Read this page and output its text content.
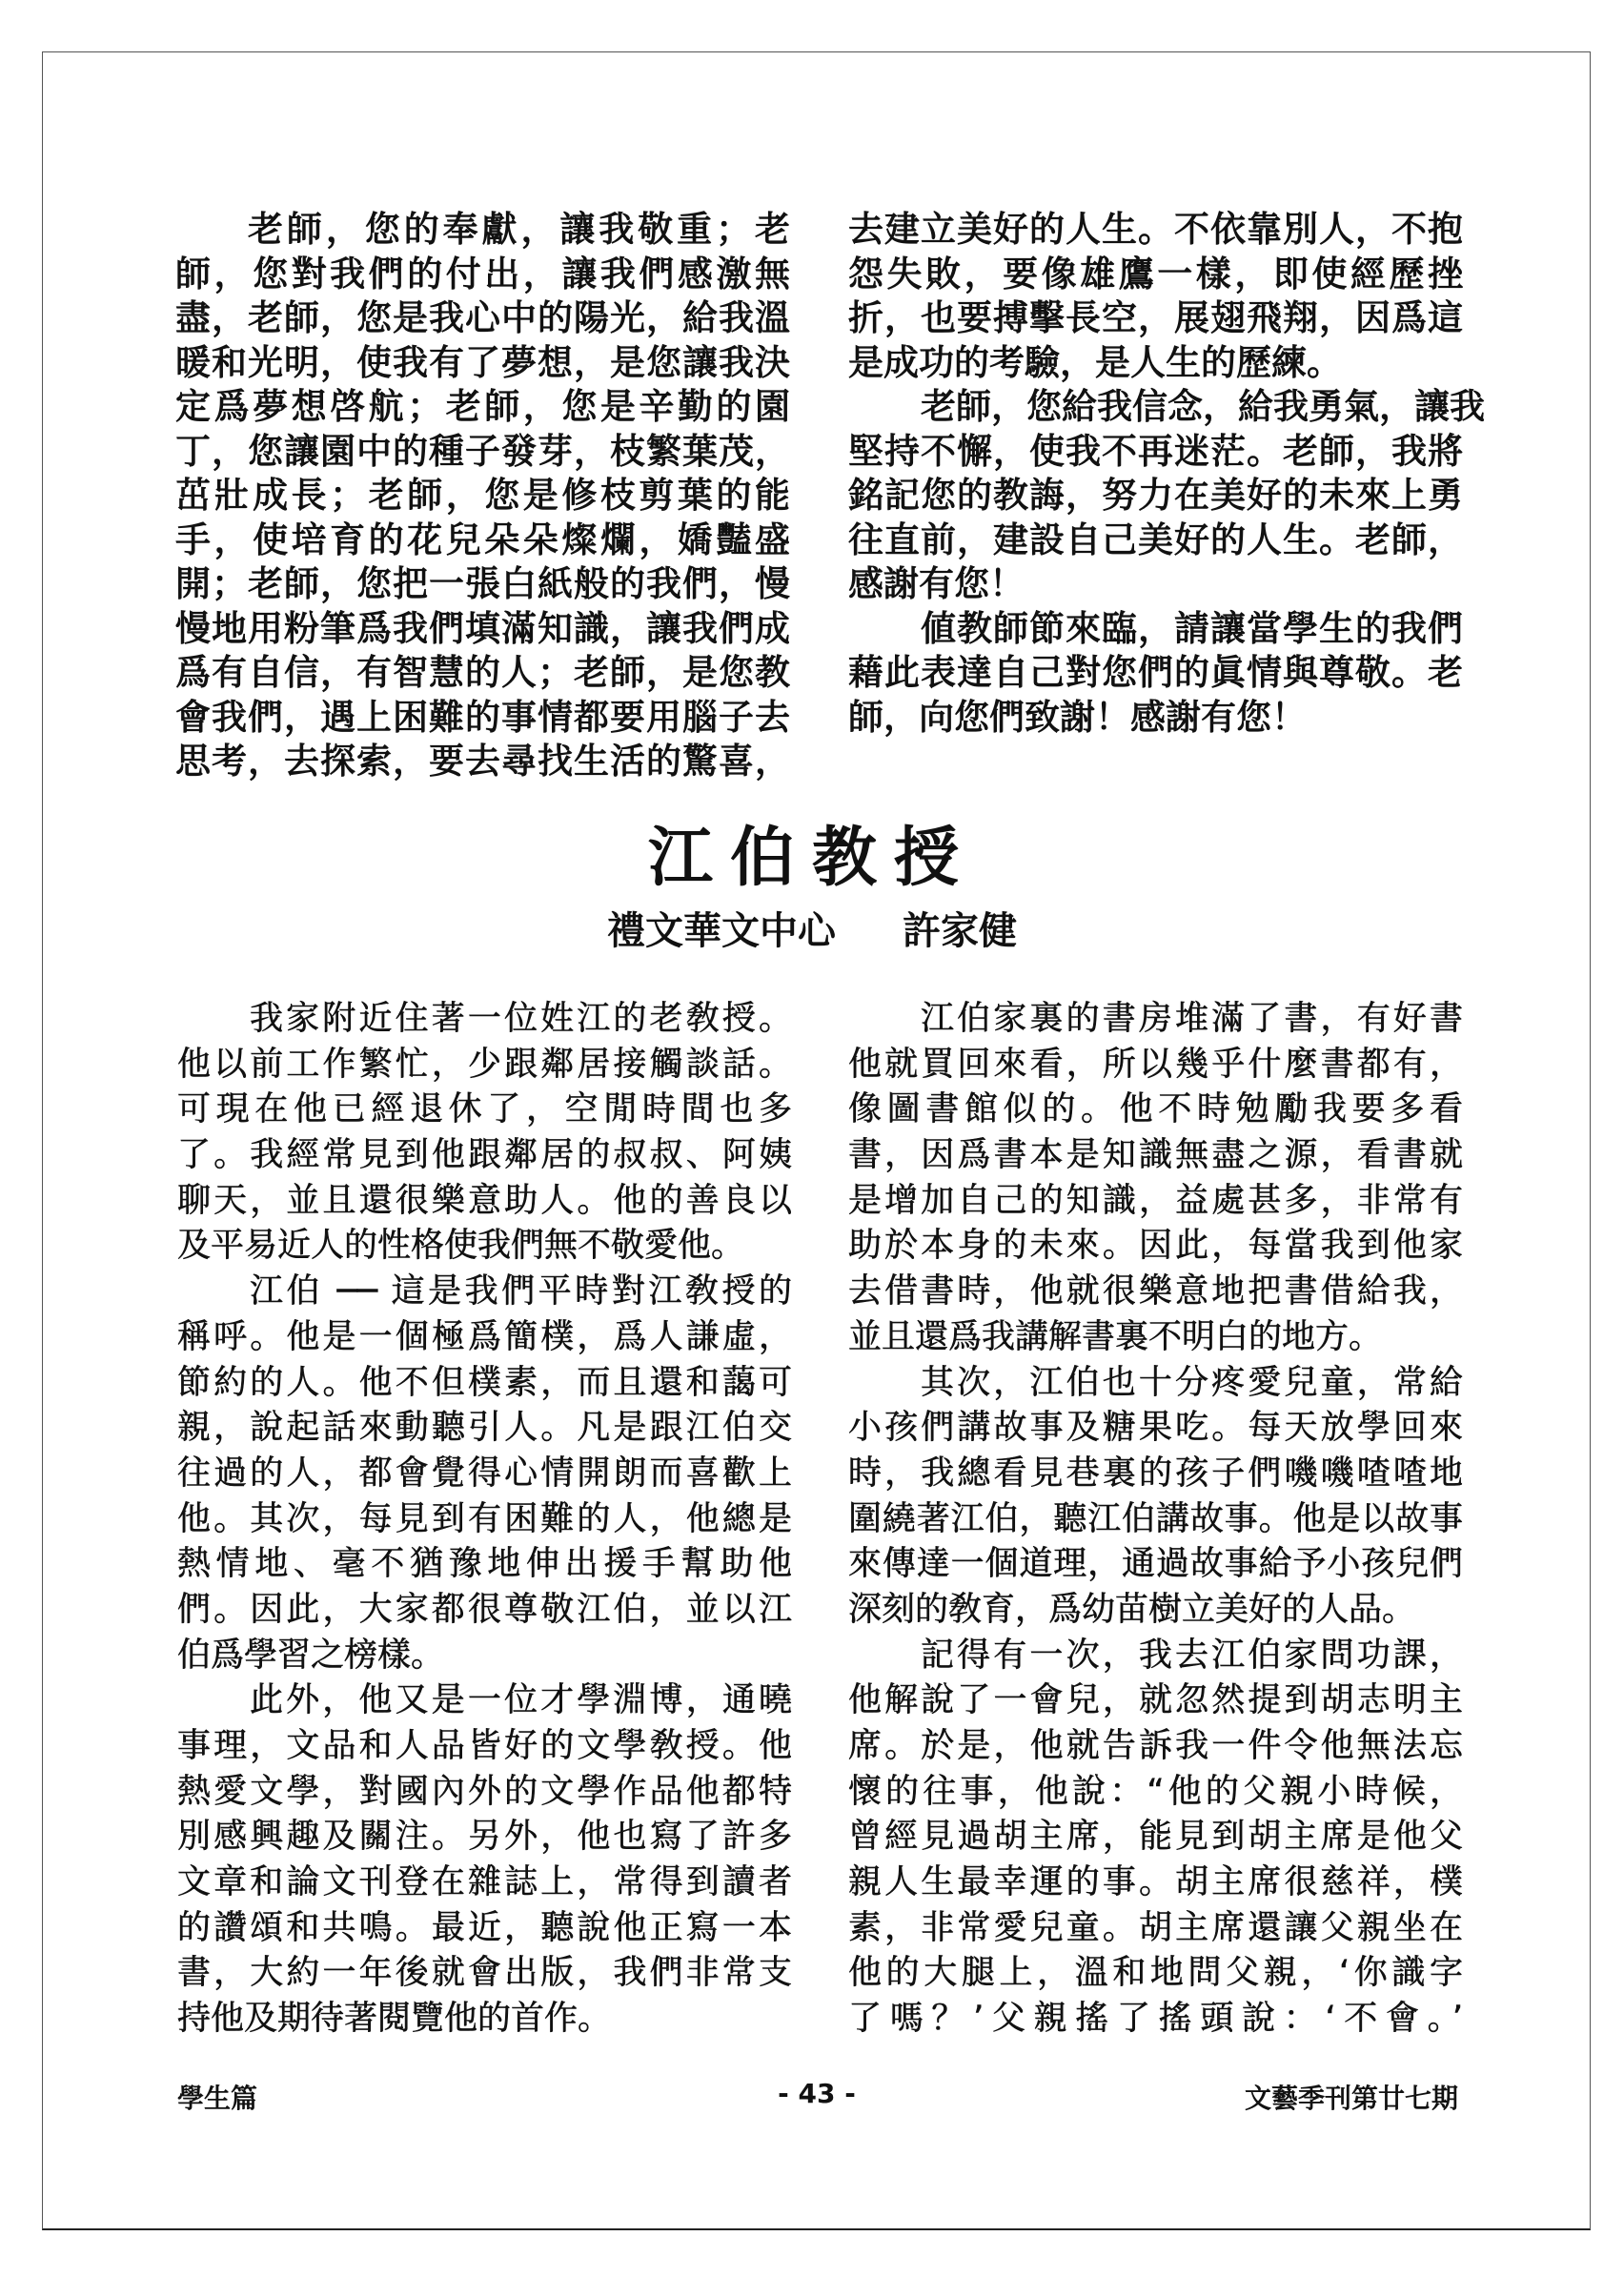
老師，您的奉獻，讓我敬重；老
師，您對我們的付出，讓我們感激無
盡，老師，您是我心中的陽光，給我溫
暖和光明，使我有了夢想，是您讓我決
定爲夢想啓航；老師，您是辛勤的園
丁，您讓園中的種子發芽，枝繁葉茂，
茁壯成長；老師，您是修枝剪葉的能
手，使培育的花兒朵朵燦爛，嬌豔盛
開；老師，您把一張白紙般的我們，慢
慢地用粉筆爲我們填滿知識，讓我們成
爲有自信，有智慧的人；老師，是您教
會我們，遇上困難的事情都要用腦子去
思考，去探索，要去尋找生活的驚喜，
去建立美好的人生。不依靠別人，不抱
怨失敗，要像雄鷹一樣，即使經歷挫
折，也要搏擊長空，展翅飛翔，因爲這
是成功的考驗，是人生的歷練。
老師，您給我信念，給我勇氣，讓我
堅持不懈，使我不再迷茫。老師，我將
銘記您的教誨，努力在美好的未來上勇
往直前，建設自己美好的人生。老師，
感謝有您！
値教師節來臨，請讓當學生的我們
藉此表達自己對您們的眞情與尊敬。老
師，向您們致謝！感謝有您！
江伯教授
禮文華文中心 許家健
我家附近住著一位姓江的老敎授。
他以前工作繁忙，少跟鄰居接觸談話。
可現在他已經退休了，空閒時間也多
了。我經常見到他跟鄰居的叔叔、阿姨
聊天，並且還很樂意助人。他的善良以
及平易近人的性格使我們無不敬愛他。
江伯 ── 這是我們平時對江敎授的
稱呼。他是一個極爲簡樸，爲人謙虛，
節約的人。他不但樸素，而且還和藹可
親，說起話來動聽引人。凡是跟江伯交
往過的人，都會覺得心情開朗而喜歡上
他。其次，每見到有困難的人，他總是
熱情地、毫不猶豫地伸出援手幫助他
們。因此，大家都很尊敬江伯，並以江
伯爲學習之榜樣。
此外，他又是一位才學淵博，通曉
事理，文品和人品皆好的文學敎授。他
熱愛文學，對國內外的文學作品他都特
別感興趣及關注。另外，他也寫了許多
文章和論文刊登在雜誌上，常得到讀者
的讚頌和共鳴。最近，聽說他正寫一本
書，大約一年後就會出版，我們非常支
持他及期待著閱覽他的首作。
江伯家裏的書房堆滿了書，有好書
他就買回來看，所以幾乎什麼書都有，
像圖書館似的。他不時勉勵我要多看
書，因爲書本是知識無盡之源，看書就
是增加自己的知識，益處甚多，非常有
助於本身的未來。因此，每當我到他家
去借書時，他就很樂意地把書借給我，
並且還爲我講解書裏不明白的地方。
其次，江伯也十分疼愛兒童，常給
小孩們講故事及糖果吃。每天放學回來
時，我總看見巷裏的孩子們嘰嘰喳喳地
圍繞著江伯，聽江伯講故事。他是以故事
來傳達一個道理，通過故事給予小孩兒們
深刻的敎育，爲幼苗樹立美好的人品。
記得有一次，我去江伯家問功課，
他解說了一會兒，就忽然提到胡志明主
席。於是，他就告訴我一件令他無法忘
懷的往事，他說：“他的父親小時候，
曾經見過胡主席，能見到胡主席是他父
親人生最幸運的事。胡主席很慈祥，樸
素，非常愛兒童。胡主席還讓父親坐在
他的大腿上，溫和地問父親，‘你識字
了嗎？’父親搖了搖頭說：‘不會。’
學生篇	- 43 -	文藝季刊第廿七期
